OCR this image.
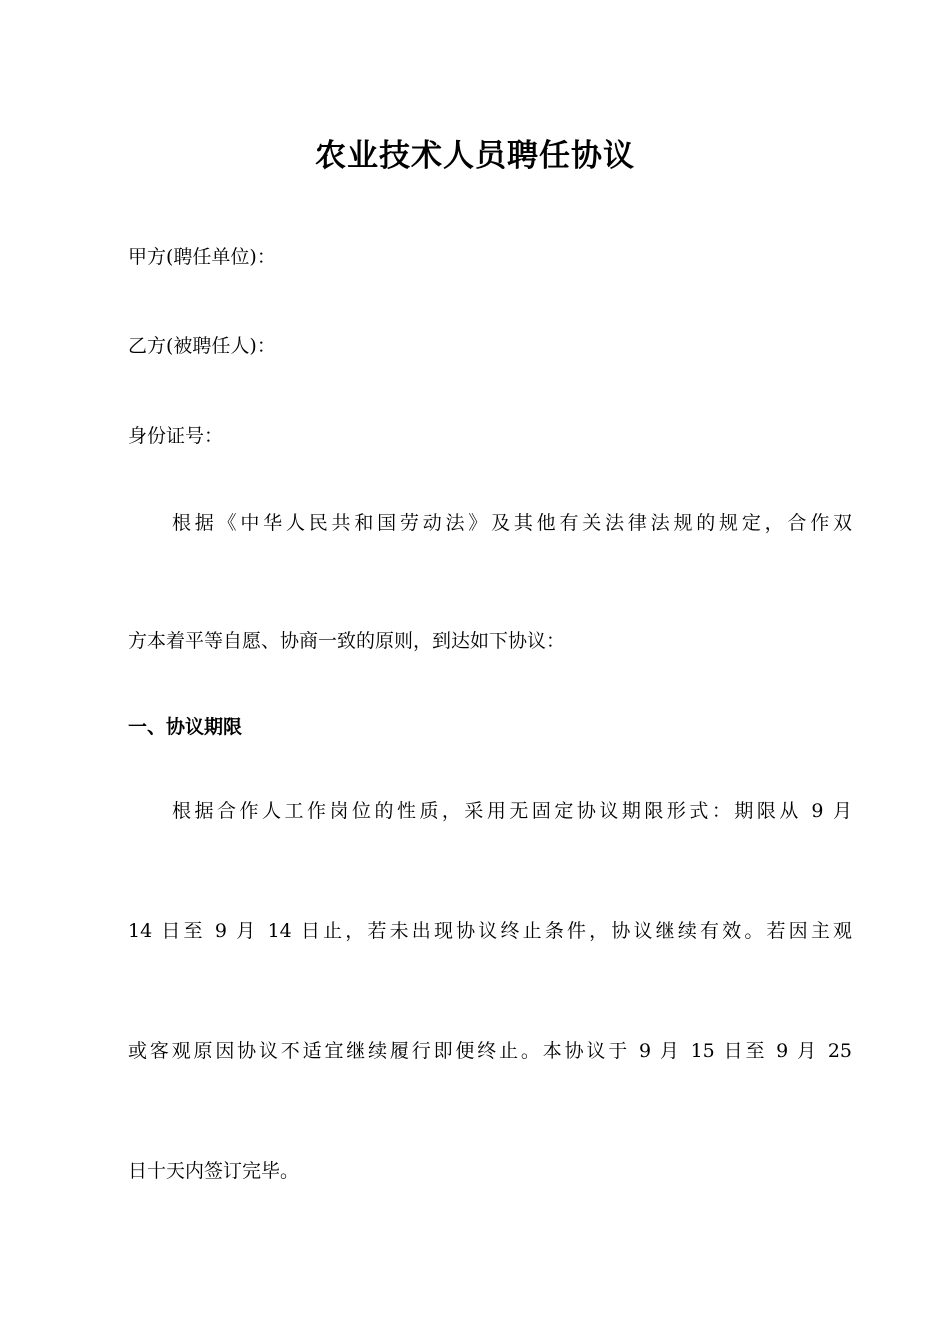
农业技术人员聘任协议
甲方(聘任单位)：
乙方(被聘任人)：
身份证号：
根据《中华人民共和国劳动法》及其他有关法律法规的规定，合作双
方本着平等自愿、协商一致的原则，到达如下协议：
一、协议期限
根据合作人工作岗位的性质，采用无固定协议期限形式：期限从 9 月
14 日至 9 月 14 日止，若未出现协议终止条件，协议继续有效。若因主观
或客观原因协议不适宜继续履行即便终止。本协议于 9 月 15 日至 9 月 25
日十天内签订完毕。
